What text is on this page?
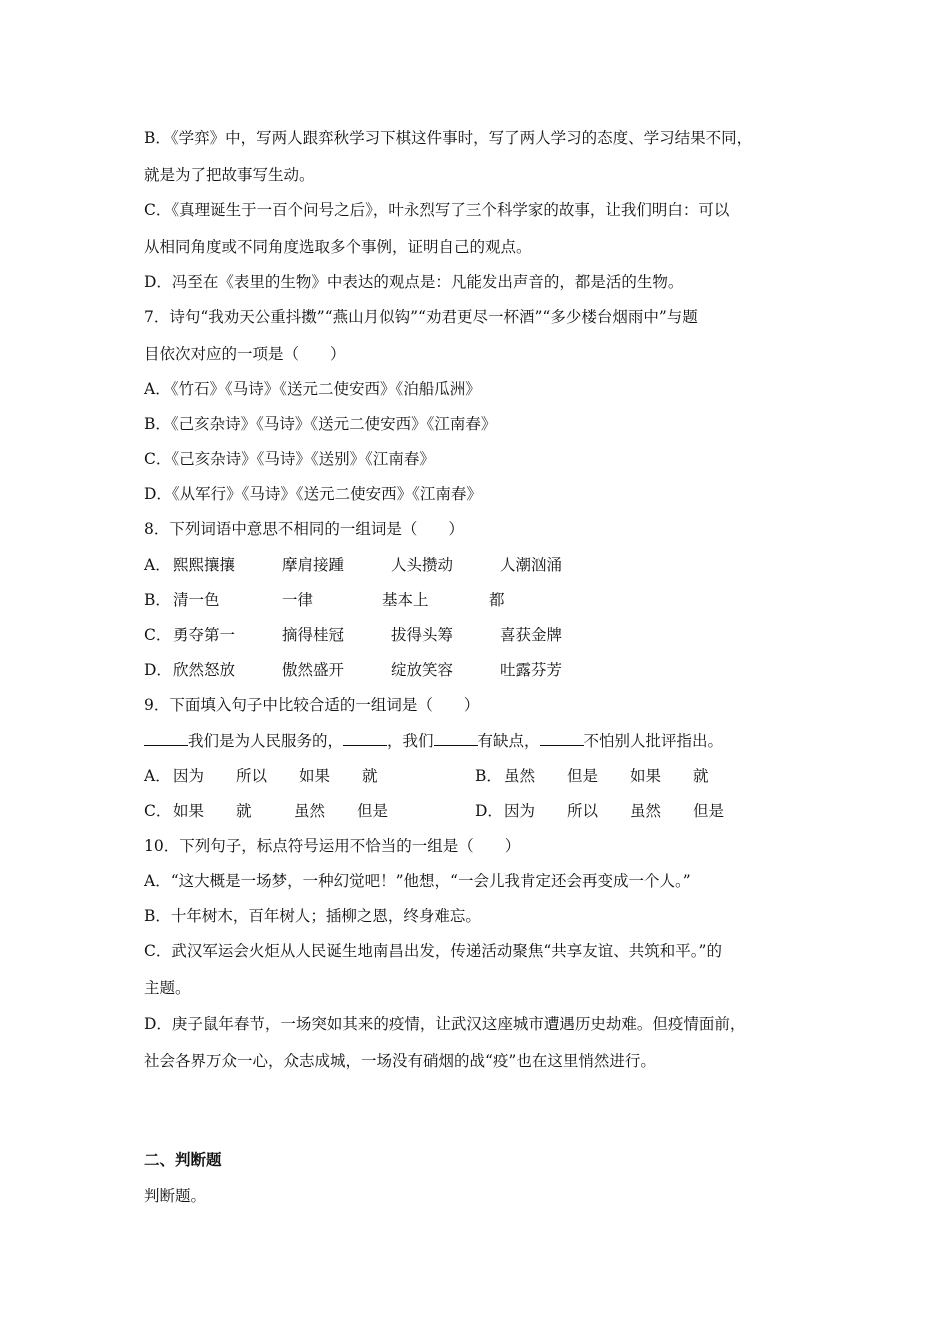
B．《学弈》中，写两人跟弈秋学习下棋这件事时，写了两人学习的态度、学习结果不同，
就是为了把故事写生动。
C．《真理诞生于一百个问号之后》，叶永烈写了三个科学家的故事，让我们明白：可以
从相同角度或不同角度选取多个事例，证明自己的观点。
D．冯至在《表里的生物》中表达的观点是：凡能发出声音的，都是活的生物。
7．诗句“我劝天公重抖擞”“燕山月似钩”“劝君更尽一杯酒”“多少楼台烟雨中”与题
目依次对应的一项是（　　）
A．《竹石》《马诗》《送元二使安西》《泊船瓜洲》
B．《己亥杂诗》《马诗》《送元二使安西》《江南春》
C．《己亥杂诗》《马诗》《送别》《江南春》
D．《从军行》《马诗》《送元二使安西》《江南春》
8．下列词语中意思不相同的一组词是（　　）
A． 熙熙攘攘	摩肩接踵	人头攒动	人潮汹涌
B． 清一色	一律	基本上	都
C． 勇夺第一	摘得桂冠	拔得头筹	喜获金牌
D． 欣然怒放	傲然盛开	绽放笑容	吐露芬芳
9．下面填入句子中比较合适的一组词是（　　）
我们是为人民服务的，	，我们	有缺点，	不怕别人批评指出。
A． 因为 所以 如果 就	B． 虽然 但是 如果 就
C． 如果 就	虽然 但是	D． 因为 所以 虽然 但是
10．下列句子，标点符号运用不恰当的一组是（　　）
A．“这大概是一场梦，一种幻觉吧！”他想，“一会儿我肯定还会再变成一个人。”
B．十年树木，百年树人；插柳之恩，终身难忘。
C．武汉军运会火炬从人民诞生地南昌出发，传递活动聚焦“共享友谊、共筑和平。”的
主题。
D．庚子鼠年春节，一场突如其来的疫情，让武汉这座城市遭遇历史劫难。但疫情面前，
社会各界万众一心，众志成城，一场没有硝烟的战“疫”也在这里悄然进行。
二、判断题
判断题。
